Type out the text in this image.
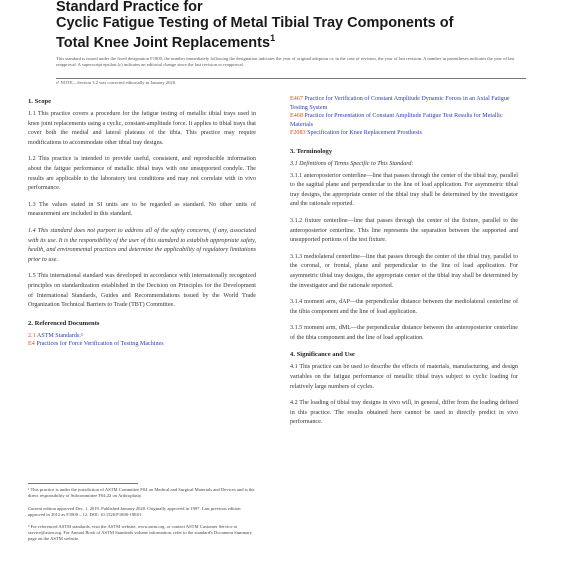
Standard Practice for
Cyclic Fatigue Testing of Metal Tibial Tray Components of
Total Knee Joint Replacements$^1$
This standard is issued under the fixed designation F1800; the number immediately following the designation indicates the year of original adoption or, in the case of revision, the year of last revision. A number in parentheses indicates the year of last reapproval. A superscript epsilon (ε) indicates an editorial change since the last revision or reapproval.
ε¹ NOTE—Section 3.2 was corrected editorially in January 2020.
1. Scope

1.1 This practice covers a procedure for the fatigue testing of metallic tibial trays used in knee joint replacements using a cyclic, constant-amplitude force. It applies to tibial trays that cover both the medial and lateral plateaus of the tibia. This practice may require modifications to accommodate other tibial tray designs.

1.2 This practice is intended to provide useful, consistent, and reproducible information about the fatigue performance of metallic tibial trays with one unsupported condyle. The results are applicable to the laboratory test conditions and may not correlate with in vivo performance.

1.3 The values stated in SI units are to be regarded as standard. No other units of measurement are included in this standard.

1.4 This standard does not purport to address all of the safety concerns, if any, associated with its use. It is the responsibility of the user of this standard to establish appropriate safety, health, and environmental practices and determine the applicability of regulatory limitations prior to use.

1.5 This international standard was developed in accordance with internationally recognized principles on standardization established in the Decision on Principles for the Development of International Standards, Guides and Recommendations issued by the World Trade Organization Technical Barriers to Trade (TBT) Committee.

2. Referenced Documents
2.1 ASTM Standards:²
E4 Practices for Force Verification of Testing Machines

¹ This practice is under the jurisdiction of ASTM Committee F04 on Medical and Surgical Materials and Devices and is the direct responsibility of Subcommittee F04.22 on Arthroplasty.

Current edition approved Dec. 1, 2019. Published January 2020. Originally approved in 1997. Last previous edition approved in 2012 as F1800 – 12. DOI: 10.1520/F1800-19E01.

² For referenced ASTM standards, visit the ASTM website, www.astm.org, or contact ASTM Customer Service at service@astm.org. For Annual Book of ASTM Standards volume information, refer to the standard's Document Summary page on the ASTM website.

E467 Practice for Verification of Constant Amplitude Dynamic Forces in an Axial Fatigue Testing System
E468 Practice for Presentation of Constant Amplitude Fatigue Test Results for Metallic Materials
F2083 Specification for Knee Replacement Prosthesis
3. Terminology

3.1 Definitions of Terms Specific to This Standard:

3.1.1 anteroposterior centerline—line that passes through the center of the tibial tray, parallel to the sagittal plane and perpendicular to the line of load application. For asymmetric tibial tray designs, the appropriate center of the tibial tray shall be determined by the investigator and the rationale reported.

3.1.2 fixture centerline—line that passes through the center of the fixture, parallel to the anteroposterior centerline. This line represents the separation between the supported and unsupported portions of the test fixture.

3.1.3 mediolateral centerline—line that passes through the center of the tibial tray, parallel to the coronal, or frontal, plane and perpendicular to the line of load application. For asymmetric tibial tray designs, the appropriate center of the tibial tray shall be determined by the investigator and the rationale reported.

3.1.4 moment arm, dAP—the perpendicular distance between the mediolateral centerline of the tibia component and the line of load application.

3.1.5 moment arm, dML—the perpendicular distance between the anteroposterior centerline of the tibia component and the line of load application.

4. Significance and Use

4.1 This practice can be used to describe the effects of materials, manufacturing, and design variables on the fatigue performance of metallic tibial trays subject to cyclic loading for relatively large numbers of cycles.

4.2 The loading of tibial tray designs in vivo will, in general, differ from the loading defined in this practice. The results obtained here cannot be used to directly predict in vivo performance.
